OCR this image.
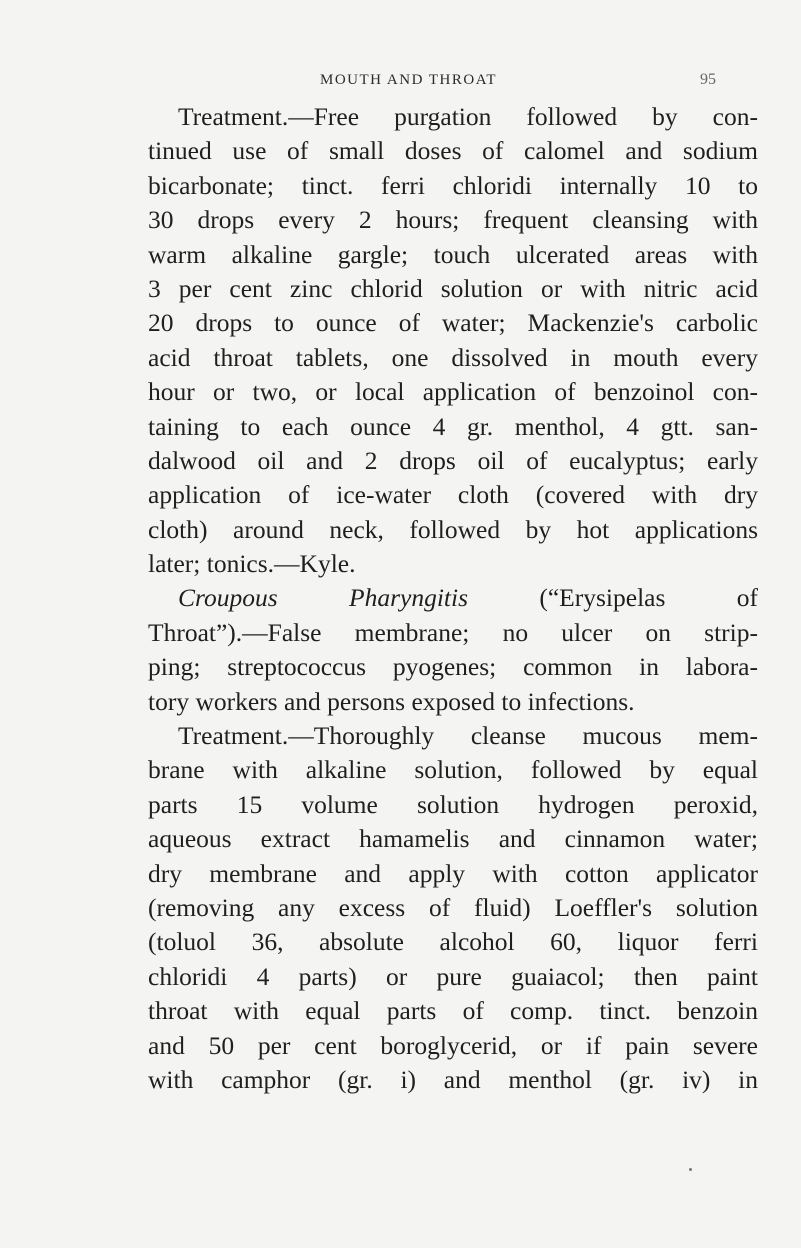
MOUTH AND THROAT	95
Treatment.—Free purgation followed by con-
tinued use of small doses of calomel and sodium
bicarbonate; tinct. ferri chloridi internally 10 to
30 drops every 2 hours; frequent cleansing with
warm alkaline gargle; touch ulcerated areas with
3 per cent zinc chlorid solution or with nitric acid
20 drops to ounce of water; Mackenzie's carbolic
acid throat tablets, one dissolved in mouth every
hour or two, or local application of benzoinol con-
taining to each ounce 4 gr. menthol, 4 gtt. san-
dalwood oil and 2 drops oil of eucalyptus; early
application of ice-water cloth (covered with dry
cloth) around neck, followed by hot applications
later; tonics.—Kyle.
Croupous Pharyngitis (“Erysipelas of
Throat”).—False membrane; no ulcer on strip-
ping; streptococcus pyogenes; common in labora-
tory workers and persons exposed to infections.
Treatment.—Thoroughly cleanse mucous mem-
brane with alkaline solution, followed by equal
parts 15 volume solution hydrogen peroxid,
aqueous extract hamamelis and cinnamon water;
dry membrane and apply with cotton applicator
(removing any excess of fluid) Loeffler's solution
(toluol 36, absolute alcohol 60, liquor ferri
chloridi 4 parts) or pure guaiacol; then paint
throat with equal parts of comp. tinct. benzoin
and 50 per cent boroglycerid, or if pain severe
with camphor (gr. i) and menthol (gr. iv) in
